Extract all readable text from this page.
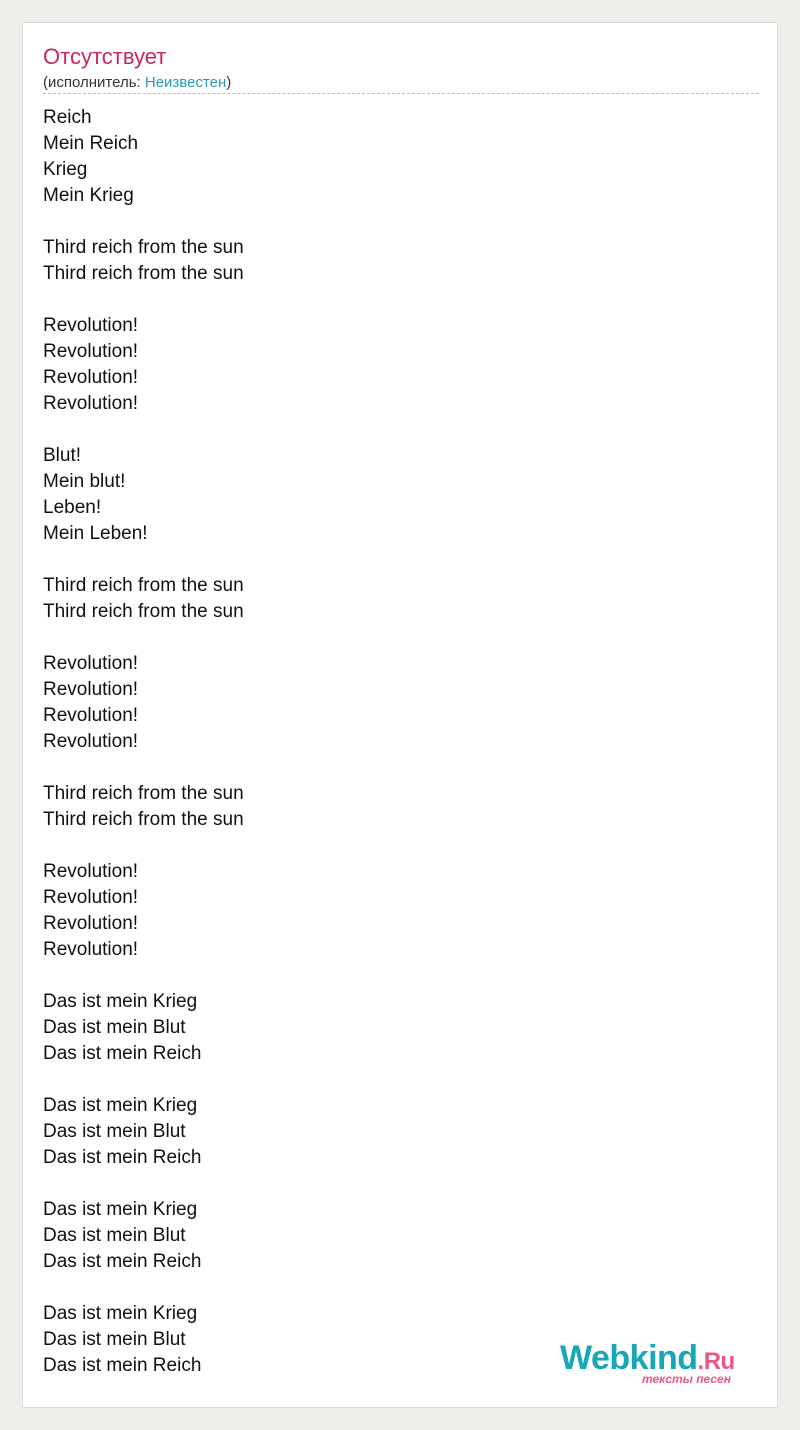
Отсутствует
(исполнитель: Неизвестен)
Reich
Mein Reich
Krieg
Mein Krieg
Third reich from the sun
Third reich from the sun
Revolution!
Revolution!
Revolution!
Revolution!
Blut!
Mein blut!
Leben!
Mein Leben!
Third reich from the sun
Third reich from the sun
Revolution!
Revolution!
Revolution!
Revolution!
Third reich from the sun
Third reich from the sun
Revolution!
Revolution!
Revolution!
Revolution!
Das ist mein Krieg
Das ist mein Blut
Das ist mein Reich
Das ist mein Krieg
Das ist mein Blut
Das ist mein Reich
Das ist mein Krieg
Das ist mein Blut
Das ist mein Reich
Das ist mein Krieg
Das ist mein Blut
Das ist mein Reich	Webkind.Ru
тексты песен
